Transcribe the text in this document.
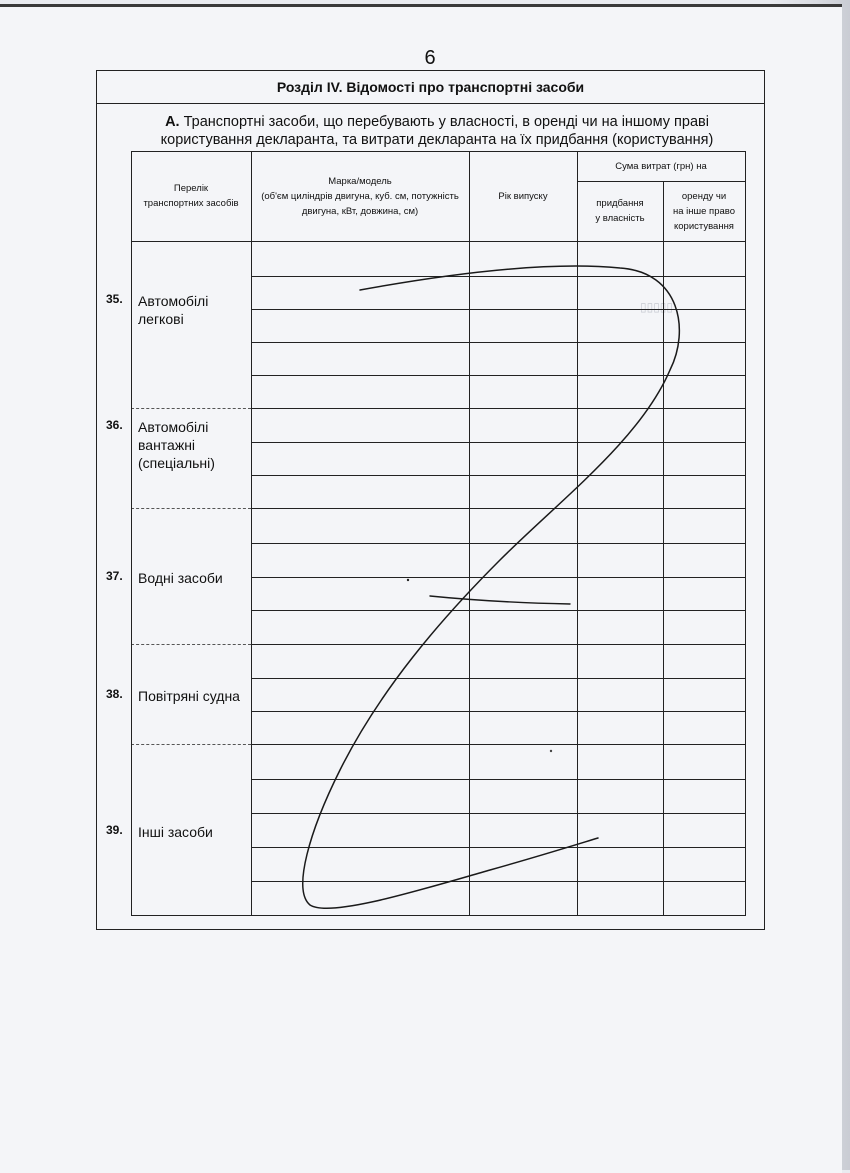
6
▯▯▯▯▯
Розділ IV. Відомості про транспортні засоби
А. Транспортні засоби, що перебувають у власності, в оренді чи на іншому праві користування декларанта, та витрати декларанта на їх придбання (користування)
Перелік
транспортних засобів
Марка/модель
(об'єм циліндрів двигуна, куб. см, потужність
двигуна, кВт, довжина, см)
Рік випуску
Сума витрат (грн) на
придбання
у власність
оренду чи
на інше право
користування
35. Автомобілі
легкові
36. Автомобілі
вантажні
(спеціальні)
37. Водні засоби
38. Повітряні судна
39. Інші засоби
